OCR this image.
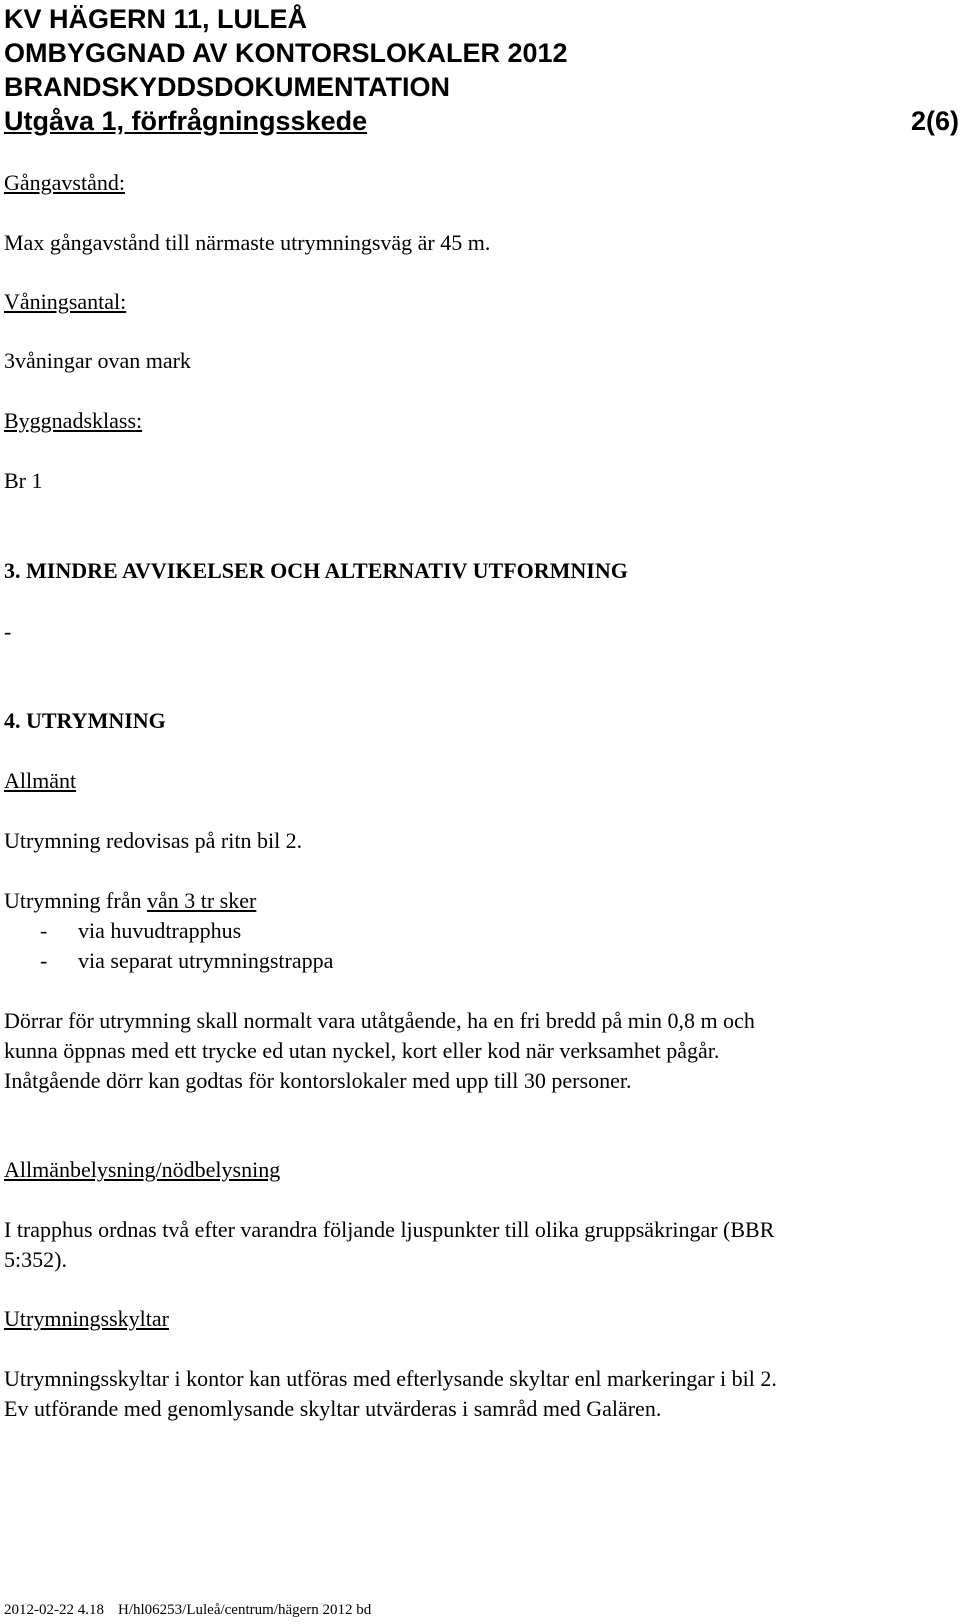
KV HÄGERN 11, LULEÅ
OMBYGGNAD AV KONTORSLOKALER 2012
BRANDSKYDDSDOKUMENTATION
Utgåva 1, förfrågningsskede	2(6)
Gångavstånd:
Max gångavstånd till närmaste utrymningsväg är 45 m.
Våningsantal:
3våningar ovan mark
Byggnadsklass:
Br 1
3. MINDRE AVVIKELSER OCH ALTERNATIV UTFORMNING
-
4. UTRYMNING
Allmänt
Utrymning redovisas på ritn bil 2.
Utrymning från vån 3 tr sker
- via huvudtrapphus
- via separat utrymningstrappa
Dörrar för utrymning skall normalt vara utåtgående, ha en fri bredd på min 0,8 m och
kunna öppnas med ett trycke ed utan nyckel, kort eller kod när verksamhet pågår.
Inåtgående dörr kan godtas för kontorslokaler med upp till 30 personer.
Allmänbelysning/nödbelysning
I trapphus ordnas två efter varandra följande ljuspunkter till olika gruppsäkringar (BBR
5:352).
Utrymningsskyltar
Utrymningsskyltar i kontor kan utföras med efterlysande skyltar enl markeringar i bil 2.
Ev utförande med genomlysande skyltar utvärderas i samråd med Galären.
2012-02-22 4.18 H/hl06253/Luleå/centrum/hägern 2012 bd
